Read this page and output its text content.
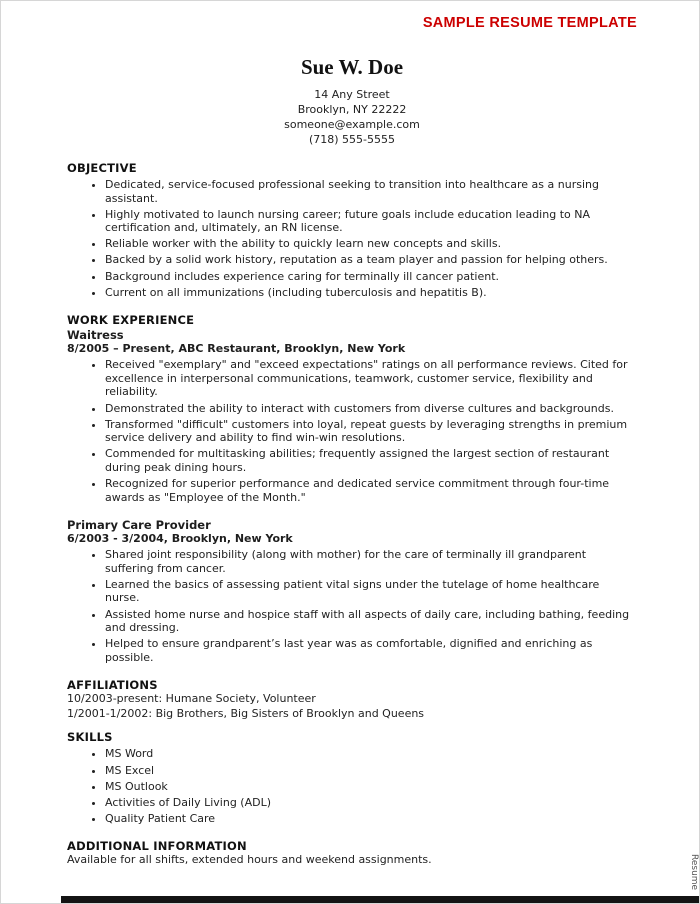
SAMPLE RESUME TEMPLATE
Sue W. Doe
14 Any Street
Brooklyn, NY 22222
someone@example.com
(718) 555-5555
OBJECTIVE
• Dedicated, service-focused professional seeking to transition into healthcare as a nursing assistant.
• Highly motivated to launch nursing career; future goals include education leading to NA certification and, ultimately, an RN license.
• Reliable worker with the ability to quickly learn new concepts and skills.
• Backed by a solid work history, reputation as a team player and passion for helping others.
• Background includes experience caring for terminally ill cancer patient.
• Current on all immunizations (including tuberculosis and hepatitis B).
WORK EXPERIENCE
Waitress
8/2005 – Present, ABC Restaurant, Brooklyn, New York
• Received "exemplary" and "exceed expectations" ratings on all performance reviews. Cited for excellence in interpersonal communications, teamwork, customer service, flexibility and reliability.
• Demonstrated the ability to interact with customers from diverse cultures and backgrounds.
• Transformed "difficult" customers into loyal, repeat guests by leveraging strengths in premium service delivery and ability to find win-win resolutions.
• Commended for multitasking abilities; frequently assigned the largest section of restaurant during peak dining hours.
• Recognized for superior performance and dedicated service commitment through four-time awards as "Employee of the Month."
Primary Care Provider
6/2003 - 3/2004, Brooklyn, New York
• Shared joint responsibility (along with mother) for the care of terminally ill grandparent suffering from cancer.
• Learned the basics of assessing patient vital signs under the tutelage of home healthcare nurse.
• Assisted home nurse and hospice staff with all aspects of daily care, including bathing, feeding and dressing.
• Helped to ensure grandparent’s last year was as comfortable, dignified and enriching as possible.
AFFILIATIONS
10/2003-present: Humane Society, Volunteer
1/2001-1/2002: Big Brothers, Big Sisters of Brooklyn and Queens
SKILLS
• MS Word
• MS Excel
• MS Outlook
• Activities of Daily Living (ADL)
• Quality Patient Care
ADDITIONAL INFORMATION
Available for all shifts, extended hours and weekend assignments.	Resume
